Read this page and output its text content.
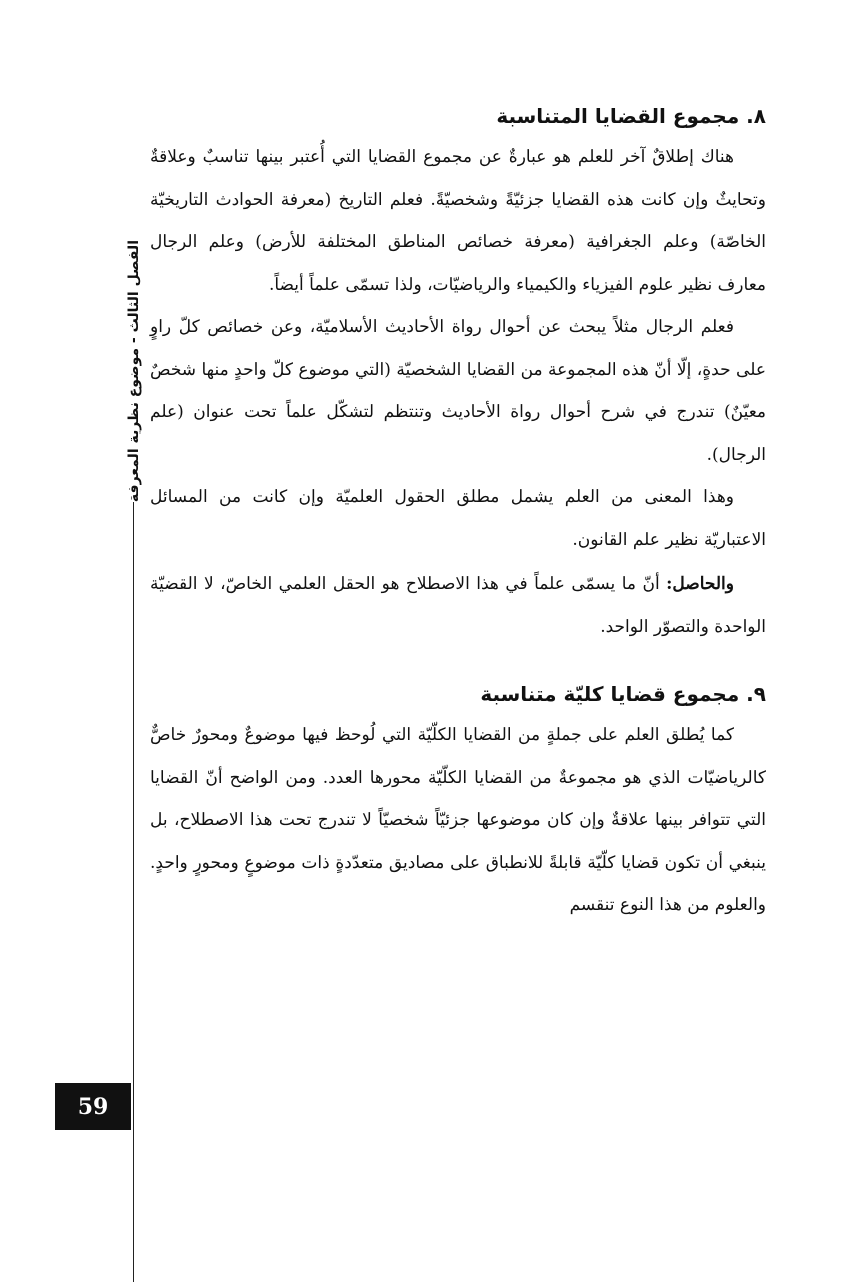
الفصل الثالث - موضوع نظرية المعرفة
٨. مجموع القضايا المتناسبة

هناك إطلاقٌ آخر للعلم هو عبارةٌ عن مجموع القضايا التي أُعتبر بينها تناسبٌ وعلاقةٌ وتحايثٌ وإن كانت هذه القضايا جزئيّةً وشخصيّةً. فعلم التاريخ (معرفة الحوادث التاريخيّة الخاصّة) وعلم الجغرافية (معرفة خصائص المناطق المختلفة للأرض) وعلم الرجال معارف نظير علوم الفيزياء والكيمياء والرياضيّات، ولذا تسمّى علماً أيضاً.

فعلم الرجال مثلاً يبحث عن أحوال رواة الأحاديث الأسلاميّة، وعن خصائص كلّ راوٍ على حدةٍ، إلّا أنّ هذه المجموعة من القضايا الشخصيّة (التي موضوع كلّ واحدٍ منها شخصٌ معيّنٌ) تندرج في شرح أحوال رواة الأحاديث وتنتظم لتشكّل علماً تحت عنوان (علم الرجال).

وهذا المعنى من العلم يشمل مطلق الحقول العلميّة وإن كانت من المسائل الاعتباريّة نظير علم القانون.

والحاصل: أنّ ما يسمّى علماً في هذا الاصطلاح هو الحقل العلمي الخاصّ، لا القضيّة الواحدة والتصوّر الواحد.

٩. مجموع قضايا كليّة متناسبة

كما يُطلق العلم على جملةٍ من القضايا الكلّيّة التي لُوحظ فيها موضوعٌ ومحورٌ خاصٌّ كالرياضيّات الذي هو مجموعةٌ من القضايا الكلّيّة محورها العدد. ومن الواضح أنّ القضايا التي تتوافر بينها علاقةٌ وإن كان موضوعها جزئيّاً شخصيّاً لا تندرج تحت هذا الاصطلاح، بل ينبغي أن تكون قضايا كلّيّة قابلةً للانطباق على مصاديق متعدّدةٍ ذات موضوعٍ ومحورٍ واحدٍ. والعلوم من هذا النوع تنقسم

59
